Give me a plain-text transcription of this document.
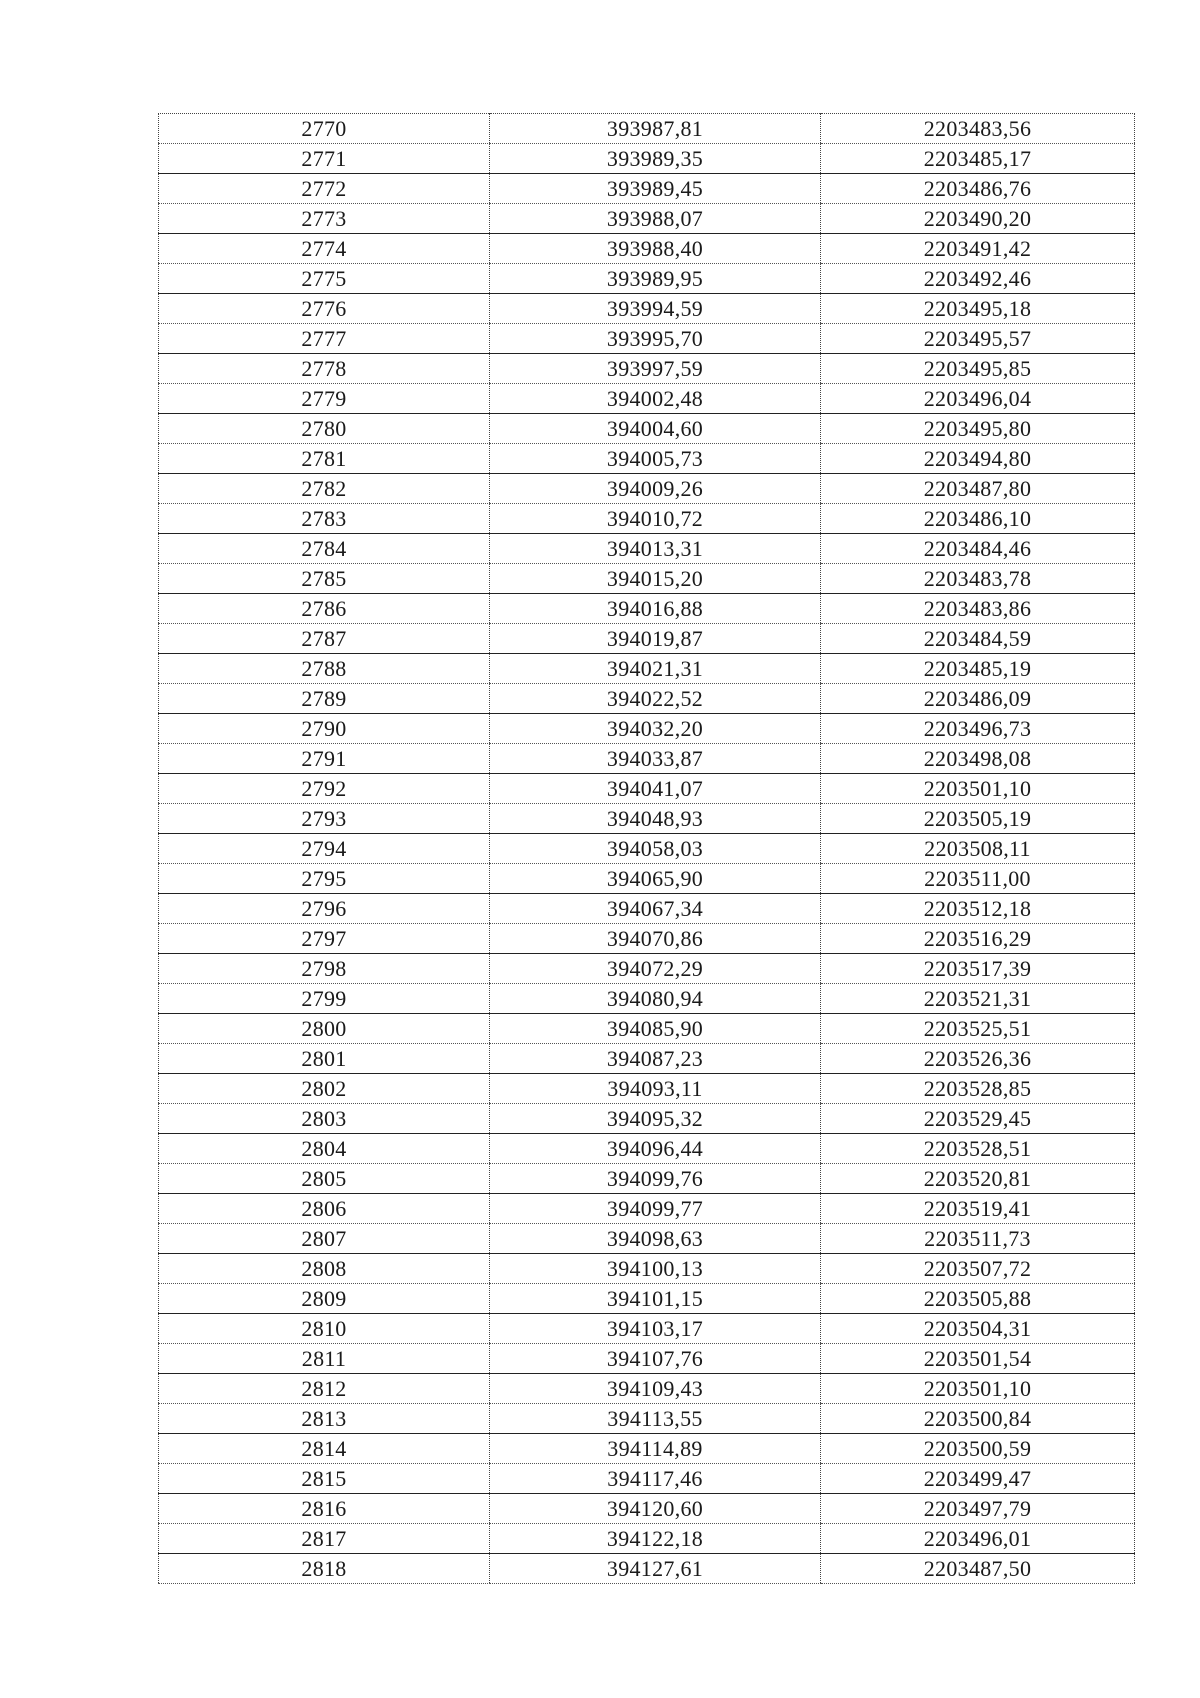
2770	393987,81	2203483,56
2771	393989,35	2203485,17
2772	393989,45	2203486,76
2773	393988,07	2203490,20
2774	393988,40	2203491,42
2775	393989,95	2203492,46
2776	393994,59	2203495,18
2777	393995,70	2203495,57
2778	393997,59	2203495,85
2779	394002,48	2203496,04
2780	394004,60	2203495,80
2781	394005,73	2203494,80
2782	394009,26	2203487,80
2783	394010,72	2203486,10
2784	394013,31	2203484,46
2785	394015,20	2203483,78
2786	394016,88	2203483,86
2787	394019,87	2203484,59
2788	394021,31	2203485,19
2789	394022,52	2203486,09
2790	394032,20	2203496,73
2791	394033,87	2203498,08
2792	394041,07	2203501,10
2793	394048,93	2203505,19
2794	394058,03	2203508,11
2795	394065,90	2203511,00
2796	394067,34	2203512,18
2797	394070,86	2203516,29
2798	394072,29	2203517,39
2799	394080,94	2203521,31
2800	394085,90	2203525,51
2801	394087,23	2203526,36
2802	394093,11	2203528,85
2803	394095,32	2203529,45
2804	394096,44	2203528,51
2805	394099,76	2203520,81
2806	394099,77	2203519,41
2807	394098,63	2203511,73
2808	394100,13	2203507,72
2809	394101,15	2203505,88
2810	394103,17	2203504,31
2811	394107,76	2203501,54
2812	394109,43	2203501,10
2813	394113,55	2203500,84
2814	394114,89	2203500,59
2815	394117,46	2203499,47
2816	394120,60	2203497,79
2817	394122,18	2203496,01
2818	394127,61	2203487,50
